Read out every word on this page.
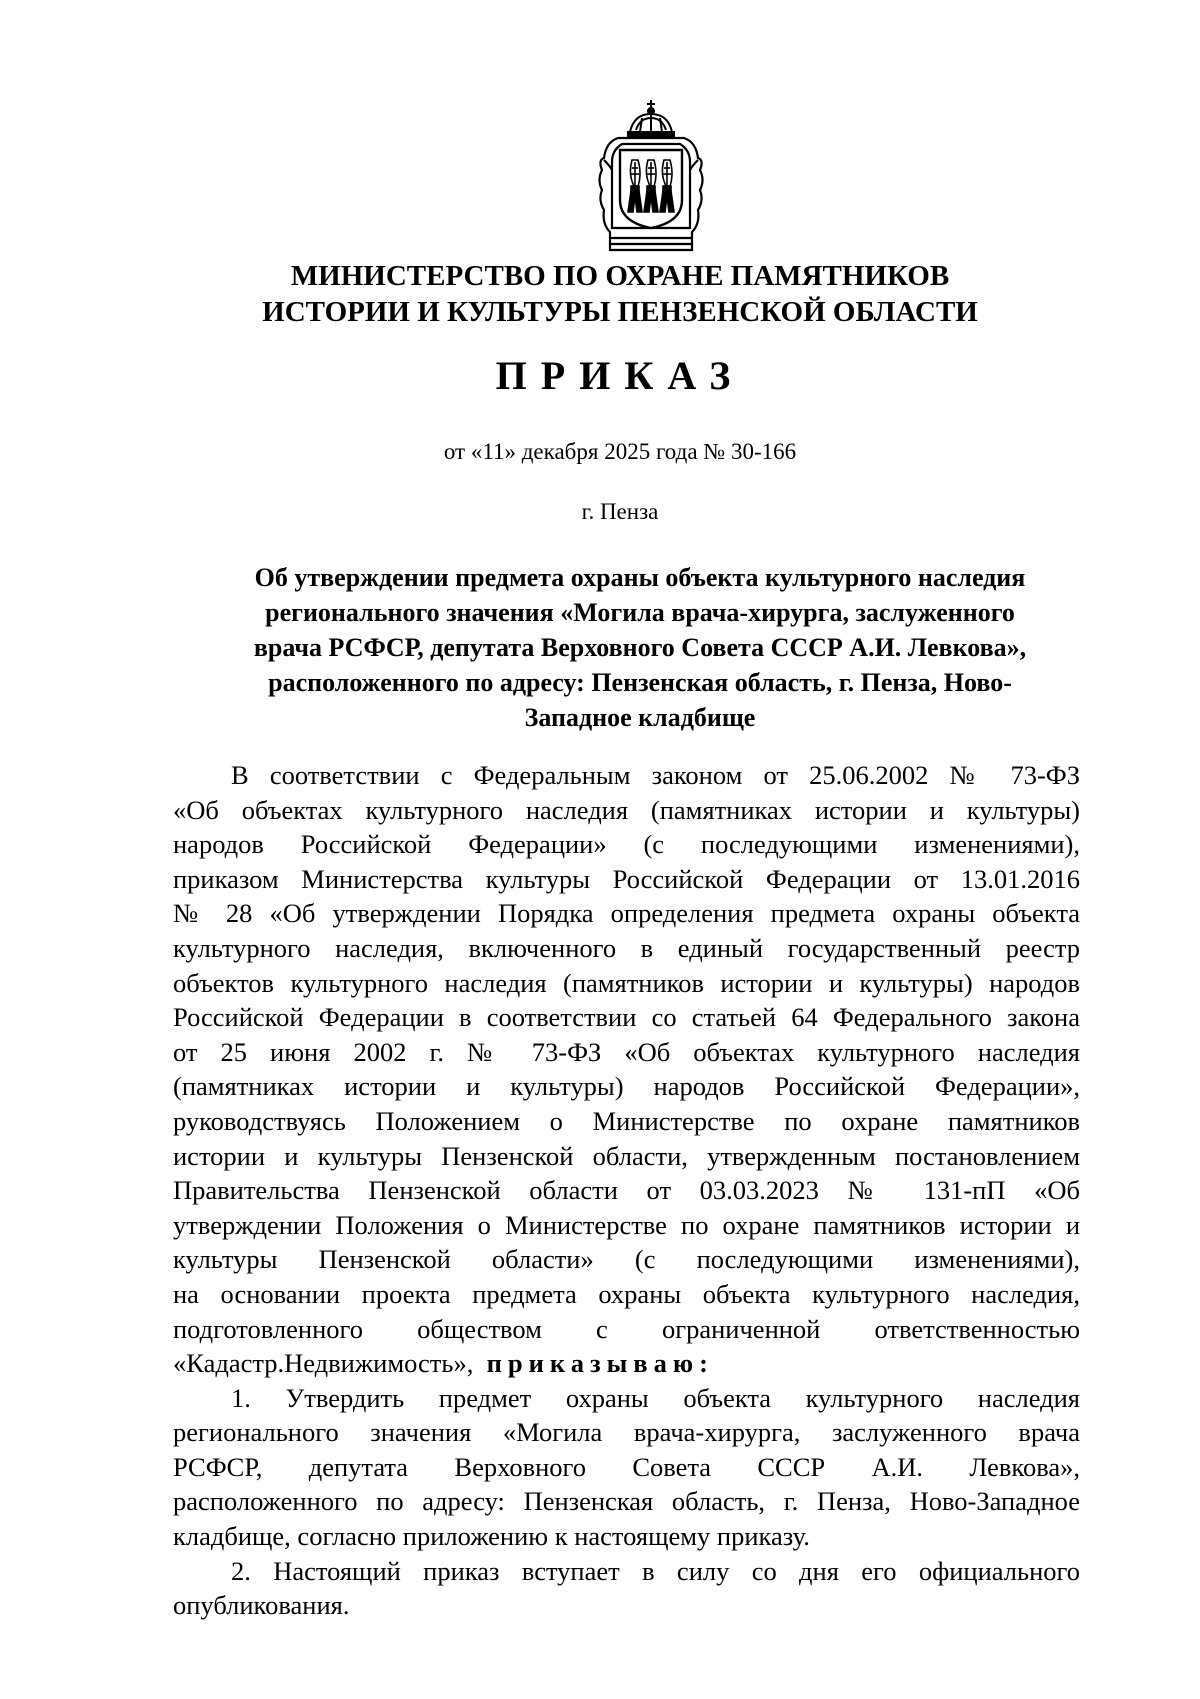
МИНИСТЕРСТВО ПО ОХРАНЕ ПАМЯТНИКОВ
ИСТОРИИ И КУЛЬТУРЫ ПЕНЗЕНСКОЙ ОБЛАСТИ
ПРИКАЗ
от «11» декабря 2025 года № 30-166
г. Пенза
Об утверждении предмета охраны объекта культурного наследия
регионального значения «Могила врача-хирурга, заслуженного
врача РСФСР, депутата Верховного Совета СССР А.И. Левкова»,
расположенного по адресу: Пензенская область, г. Пенза, Ново-
Западное кладбище
В соответствии с Федеральным законом от 25.06.2002 № 73-ФЗ
«Об объектах культурного наследия (памятниках истории и культуры)
народов Российской Федерации» (с последующими изменениями),
приказом Министерства культуры Российской Федерации от 13.01.2016
№ 28 «Об утверждении Порядка определения предмета охраны объекта
культурного наследия, включенного в единый государственный реестр
объектов культурного наследия (памятников истории и культуры) народов
Российской Федерации в соответствии со статьей 64 Федерального закона
от 25 июня 2002 г. № 73-ФЗ «Об объектах культурного наследия
(памятниках истории и культуры) народов Российской Федерации»,
руководствуясь Положением о Министерстве по охране памятников
истории и культуры Пензенской области, утвержденным постановлением
Правительства Пензенской области от 03.03.2023 № 131-пП «Об
утверждении Положения о Министерстве по охране памятников истории и
культуры Пензенской области» (с последующими изменениями),
на основании проекта предмета охраны объекта культурного наследия,
подготовленного обществом с ограниченной ответственностью
«Кадастр.Недвижимость», приказываю:
1. Утвердить предмет охраны объекта культурного наследия
регионального значения «Могила врача-хирурга, заслуженного врача
РСФСР, депутата Верховного Совета СССР А.И. Левкова»,
расположенного по адресу: Пензенская область, г. Пенза, Ново-Западное
кладбище, согласно приложению к настоящему приказу.
2. Настоящий приказ вступает в силу со дня его официального
опубликования.
